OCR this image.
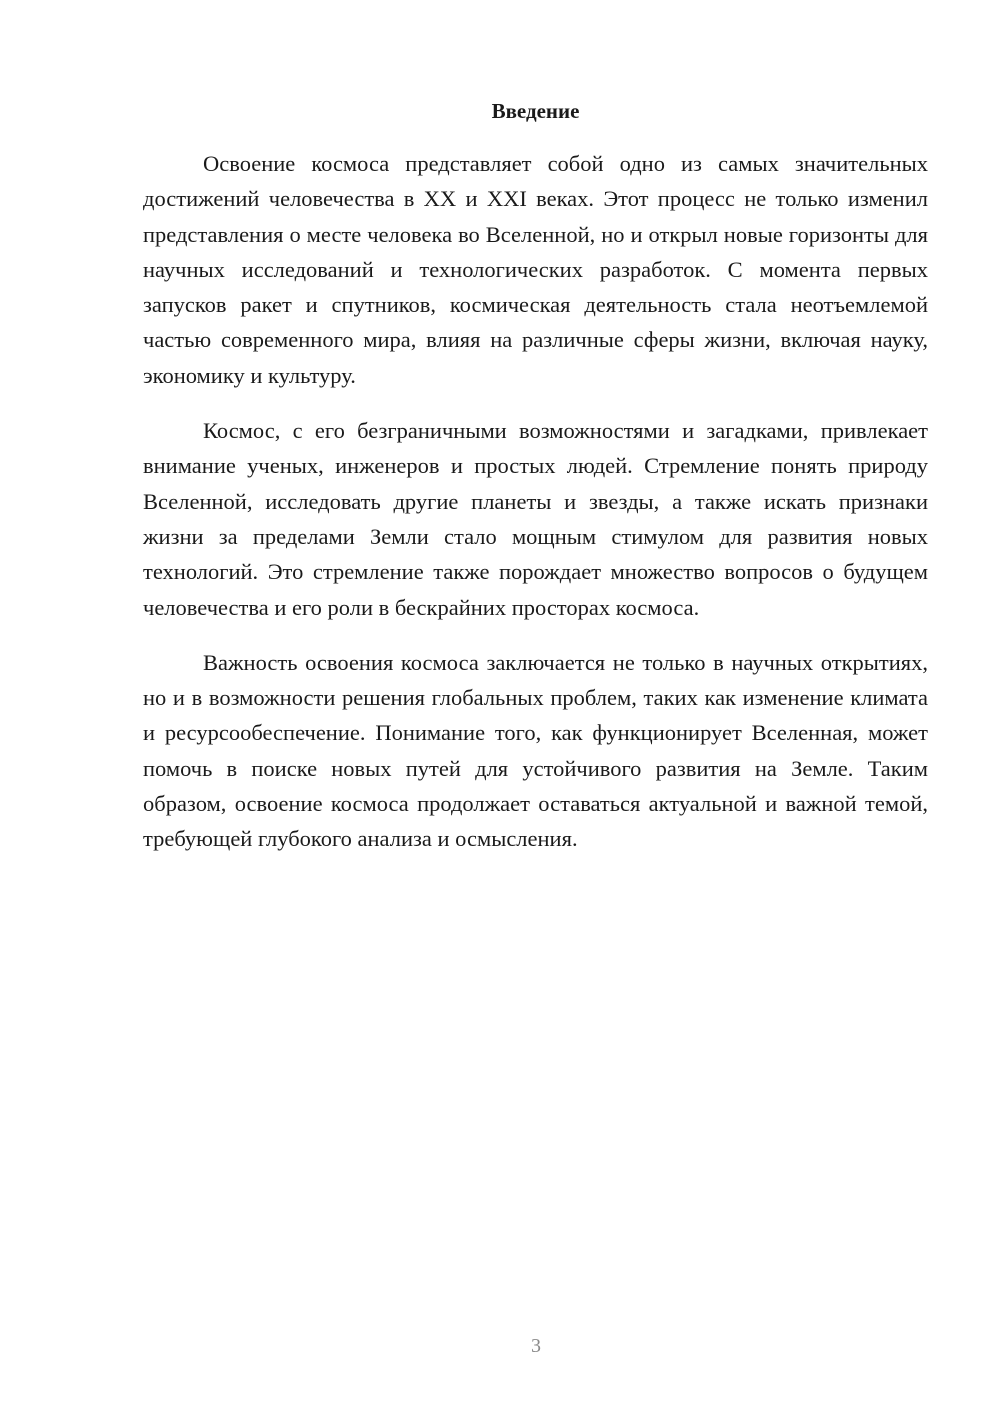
Введение

Освоение космоса представляет собой одно из самых значительных достижений человечества в XX и XXI веках. Этот процесс не только изменил представления о месте человека во Вселенной, но и открыл новые горизонты для научных исследований и технологических разработок. С момента первых запусков ракет и спутников, космическая деятельность стала неотъемлемой частью современного мира, влияя на различные сферы жизни, включая науку, экономику и культуру.

Космос, с его безграничными возможностями и загадками, привлекает внимание ученых, инженеров и простых людей. Стремление понять природу Вселенной, исследовать другие планеты и звезды, а также искать признаки жизни за пределами Земли стало мощным стимулом для развития новых технологий. Это стремление также порождает множество вопросов о будущем человечества и его роли в бескрайних просторах космоса.

Важность освоения космоса заключается не только в научных открытиях, но и в возможности решения глобальных проблем, таких как изменение климата и ресурсообеспечение. Понимание того, как функционирует Вселенная, может помочь в поиске новых путей для устойчивого развития на Земле. Таким образом, освоение космоса продолжает оставаться актуальной и важной темой, требующей глубокого анализа и осмысления.

3
